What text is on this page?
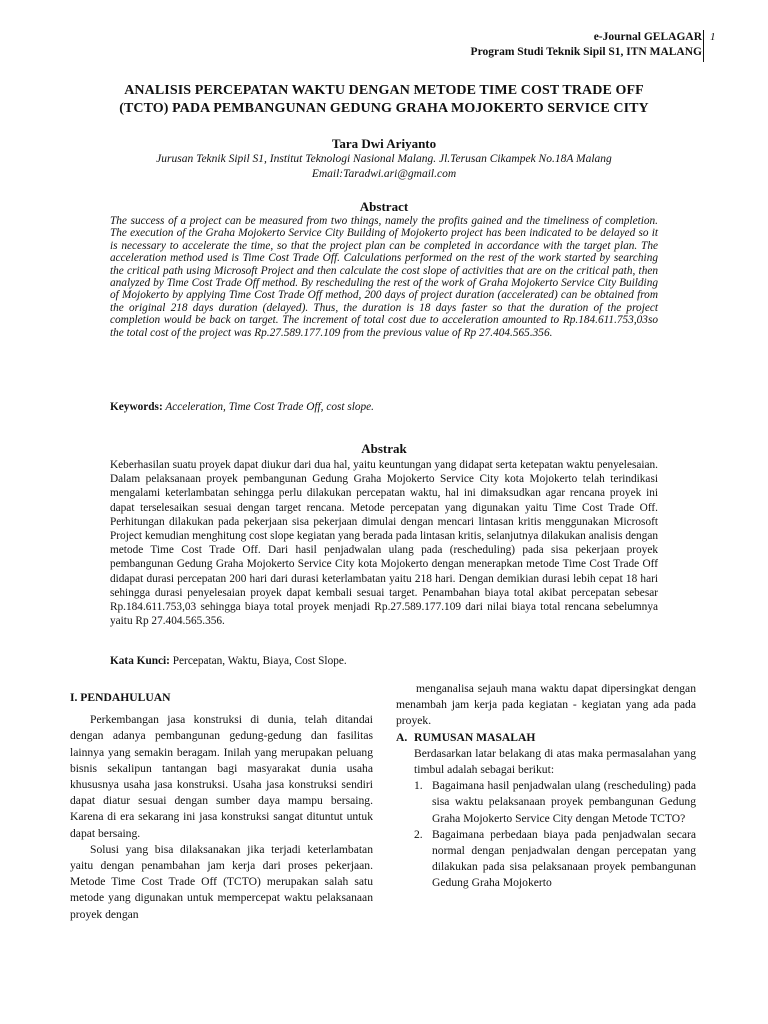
e-Journal GELAGAR
Program Studi Teknik Sipil S1, ITN MALANG
1
ANALISIS PERCEPATAN WAKTU DENGAN METODE TIME COST TRADE OFF
(TCTO) PADA PEMBANGUNAN GEDUNG GRAHA MOJOKERTO SERVICE CITY
Tara Dwi Ariyanto
Jurusan Teknik Sipil S1, Institut Teknologi Nasional Malang. Jl.Terusan Cikampek No.18A Malang
Email:Taradwi.ari@gmail.com
Abstract
The success of a project can be measured from two things, namely the profits gained and the timeliness of completion. The execution of the Graha Mojokerto Service City Building of Mojokerto project has been indicated to be delayed so it is necessary to accelerate the time, so that the project plan can be completed in accordance with the target plan. The acceleration method used is Time Cost Trade Off. Calculations performed on the rest of the work started by searching the critical path using Microsoft Project and then calculate the cost slope of activities that are on the critical path, then analyzed by Time Cost Trade Off method. By rescheduling the rest of the work of Graha Mojokerto Service City Building of Mojokerto by applying Time Cost Trade Off method, 200 days of project duration (accelerated) can be obtained from the original 218 days duration (delayed). Thus, the duration is 18 days faster so that the duration of the project completion would be back on target. The increment of total cost due to acceleration amounted to Rp.184.611.753,03so the total cost of the project was Rp.27.589.177.109 from the previous value of Rp 27.404.565.356.
Keywords: Acceleration, Time Cost Trade Off, cost slope.
Abstrak
Keberhasilan suatu proyek dapat diukur dari dua hal, yaitu keuntungan yang didapat serta ketepatan waktu penyelesaian. Dalam pelaksanaan proyek pembangunan Gedung Graha Mojokerto Service City kota Mojokerto telah terindikasi mengalami keterlambatan sehingga perlu dilakukan percepatan waktu, hal ini dimaksudkan agar rencana proyek ini dapat terselesaikan sesuai dengan target rencana. Metode percepatan yang digunakan yaitu Time Cost Trade Off. Perhitungan dilakukan pada pekerjaan sisa pekerjaan dimulai dengan mencari lintasan kritis menggunakan Microsoft Project kemudian menghitung cost slope kegiatan yang berada pada lintasan kritis, selanjutnya dilakukan analisis dengan metode Time Cost Trade Off. Dari hasil penjadwalan ulang pada (rescheduling) pada sisa pekerjaan proyek pembangunan Gedung Graha Mojokerto Service City kota Mojokerto dengan menerapkan metode Time Cost Trade Off didapat durasi percepatan 200 hari dari durasi keterlambatan yaitu 218 hari. Dengan demikian durasi lebih cepat 18 hari sehingga durasi penyelesaian proyek dapat kembali sesuai target. Penambahan biaya total akibat percepatan sebesar Rp.184.611.753,03 sehingga biaya total proyek menjadi Rp.27.589.177.109 dari nilai biaya total rencana sebelumnya yaitu Rp 27.404.565.356.
Kata Kunci: Percepatan, Waktu, Biaya, Cost Slope.
I. PENDAHULUAN

Perkembangan jasa konstruksi di dunia, telah ditandai dengan adanya pembangunan gedung-gedung dan fasilitas lainnya yang semakin beragam. Inilah yang merupakan peluang bisnis sekalipun tantangan bagi masyarakat dunia usaha khususnya usaha jasa konstruksi. Usaha jasa konstruksi sendiri dapat diatur sesuai dengan sumber daya mampu bersaing. Karena di era sekarang ini jasa konstruksi sangat dituntut untuk dapat bersaing.

Solusi yang bisa dilaksanakan jika terjadi keterlambatan yaitu dengan penambahan jam kerja dari proses pekerjaan. Metode Time Cost Trade Off (TCTO) merupakan salah satu metode yang digunakan untuk mempercepat waktu pelaksanaan proyek dengan

menganalisa sejauh mana waktu dapat dipersingkat dengan menambah jam kerja pada kegiatan - kegiatan yang ada pada proyek.

A. RUMUSAN MASALAH

Berdasarkan latar belakang di atas maka permasalahan yang timbul adalah sebagai berikut:

1. Bagaimana hasil penjadwalan ulang (rescheduling) pada sisa waktu pelaksanaan proyek pembangunan Gedung Graha Mojokerto Service City dengan Metode TCTO?
2. Bagaimana perbedaan biaya pada penjadwalan secara normal dengan penjadwalan dengan percepatan yang dilakukan pada sisa pelaksanaan proyek pembangunan Gedung Graha Mojokerto
